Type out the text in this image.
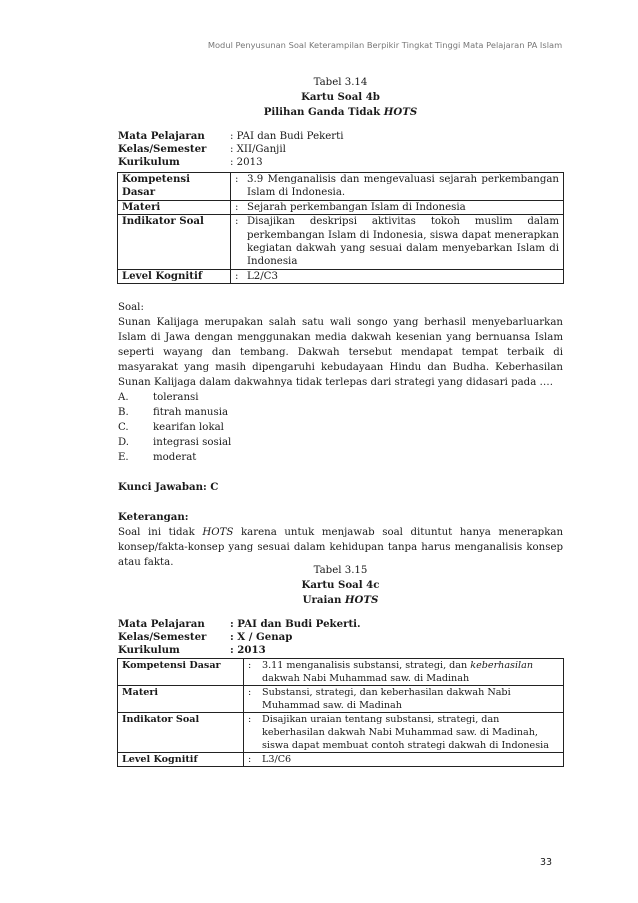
Modul Penyusunan Soal Keterampilan Berpikir Tingkat Tinggi Mata Pelajaran PA Islam
Tabel 3.14
Kartu Soal 4b
Pilihan Ganda Tidak HOTS
Mata Pelajaran	: PAI dan Budi Pekerti
Kelas/Semester	: XII/Ganjil
Kurikulum	: 2013
Kompetensi Dasar	: 3.9 Menganalisis dan mengevaluasi sejarah perkembangan Islam di Indonesia.

Materi	: Sejarah perkembangan Islam di Indonesia

Indikator Soal	: Disajikan deskripsi aktivitas tokoh muslim dalam perkembangan Islam di Indonesia, siswa dapat menerapkan kegiatan dakwah yang sesuai dalam menyebarkan Islam di Indonesia

Level Kognitif	: L2/C3
Soal:
Sunan Kalijaga merupakan salah satu wali songo yang berhasil menyebarluarkan Islam di Jawa dengan menggunakan media dakwah kesenian yang bernuansa Islam seperti wayang dan tembang. Dakwah tersebut mendapat tempat terbaik di masyarakat yang masih dipengaruhi kebudayaan Hindu dan Budha. Keberhasilan Sunan Kalijaga dalam dakwahnya tidak terlepas dari strategi yang didasari pada ….
A.	toleransi
B.	fitrah manusia
C.	kearifan lokal
D.	integrasi sosial
E.	moderat
Kunci Jawaban: C
Keterangan:
Soal ini tidak HOTS karena untuk menjawab soal dituntut hanya menerapkan konsep/fakta-konsep yang sesuai dalam kehidupan tanpa harus menganalisis konsep atau fakta.
Tabel 3.15
Kartu Soal 4c
Uraian HOTS
Mata Pelajaran	: PAI dan Budi Pekerti.
Kelas/Semester	: X / Genap
Kurikulum	: 2013
Kompetensi Dasar	: 3.11 menganalisis substansi, strategi, dan keberhasilan dakwah Nabi Muhammad saw. di Madinah

Materi	: Substansi, strategi, dan keberhasilan dakwah Nabi Muhammad saw. di Madinah

Indikator Soal	: Disajikan uraian tentang substansi, strategi, dan keberhasilan dakwah Nabi Muhammad saw. di Madinah, siswa dapat membuat contoh strategi dakwah di Indonesia

Level Kognitif	: L3/C6
33
